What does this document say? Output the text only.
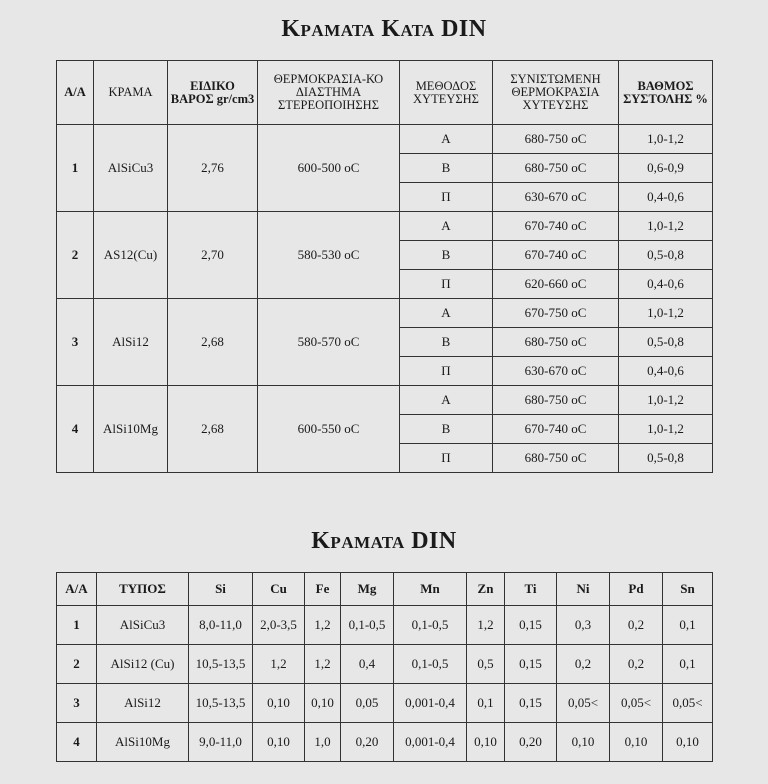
Κρaματα Κατα DIN
Α/Α	ΚΡΑΜΑ	ΕΙΔΙΚΟ ΒΑΡΟΣ gr/cm3	ΘΕΡΜΟΚΡΑΣΙΑ-ΚΟ ΔΙΑΣΤΗΜΑ ΣΤΕΡΕΟΠΟΙΗΣΗΣ	ΜΕΘΟΔΟΣ ΧΥΤΕΥΣΗΣ	ΣΥΝΙΣΤΩΜΕΝΗ ΘΕΡΜΟΚΡΑΣΙΑ ΧΥΤΕΥΣΗΣ	ΒΑΘΜΟΣ ΣΥΣΤΟΛΗΣ %
1	AlSiCu3	2,76	600-500 oC	Α	680-750 oC	1,0-1,2
				Β	680-750 oC	0,6-0,9
				Π	630-670 oC	0,4-0,6
2	AS12(Cu)	2,70	580-530 oC	Α	670-740 oC	1,0-1,2
				Β	670-740 oC	0,5-0,8
				Π	620-660 oC	0,4-0,6
3	AlSi12	2,68	580-570 oC	Α	670-750 oC	1,0-1,2
				Β	680-750 oC	0,5-0,8
				Π	630-670 oC	0,4-0,6
4	AlSi10Mg	2,68	600-550 oC	Α	680-750 oC	1,0-1,2
				Β	670-740 oC	1,0-1,2
				Π	680-750 oC	0,5-0,8
Κρaματα DIN
Α/Α	ΤΥΠΟΣ	Si	Cu	Fe	Mg	Mn	Zn	Ti	Ni	Pd	Sn
1	AlSiCu3	8,0-11,0	2,0-3,5	1,2	0,1-0,5	0,1-0,5	1,2	0,15	0,3	0,2	0,1
2	AlSi12 (Cu)	10,5-13,5	1,2	1,2	0,4	0,1-0,5	0,5	0,15	0,2	0,2	0,1
3	AlSi12	10,5-13,5	0,10	0,10	0,05	0,001-0,4	0,1	0,15	0,05<	0,05<	0,05<
4	AlSi10Mg	9,0-11,0	0,10	1,0	0,20	0,001-0,4	0,10	0,20	0,10	0,10	0,10
